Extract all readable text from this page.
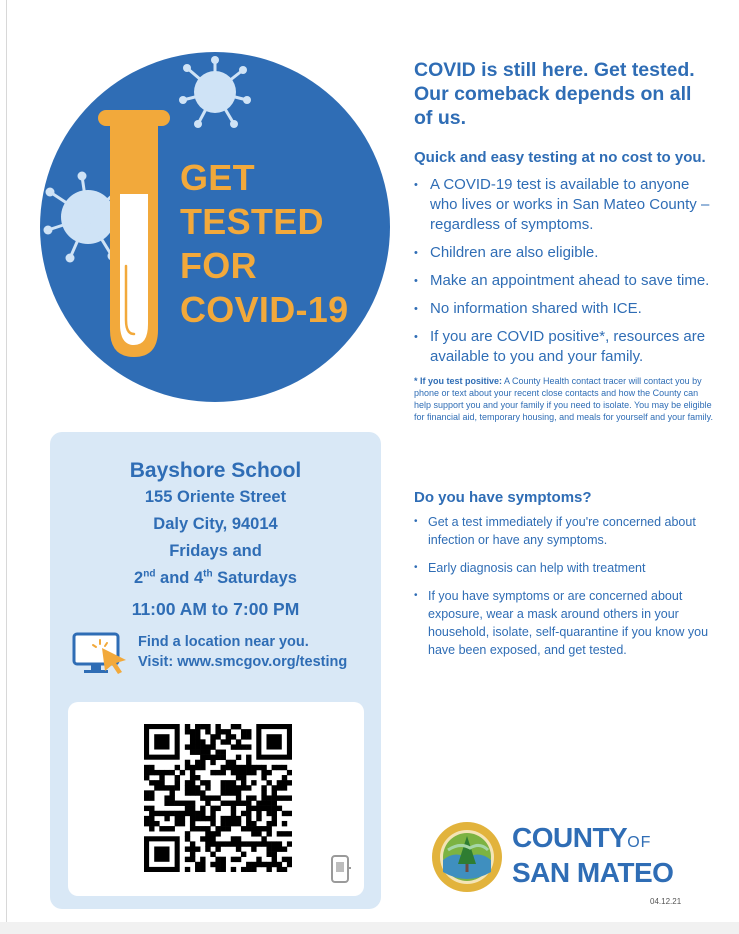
GET
TESTED
FOR
COVID-19

COVID is still here. Get tested. Our comeback depends on all of us.

Quick and easy testing at no cost to you.
• A COVID-19 test is available to anyone who lives or works in San Mateo County – regardless of symptoms.
• Children are also eligible.
• Make an appointment ahead to save time.
• No information shared with ICE.
• If you are COVID positive*, resources are available to you and your family.
* If you test positive: A County Health contact tracer will contact you by phone or text about your recent close contacts and how the County can help support you and your family if you need to isolate. You may be eligible for financial aid, temporary housing, and meals for yourself and your family.
Do you have symptoms?
• Get a test immediately if you're concerned about infection or have any symptoms.
• Early diagnosis can help with treatment
• If you have symptoms or are concerned about exposure, wear a mask around others in your household, isolate, self-quarantine if you know you have been exposed, and get tested.
Bayshore School
155 Oriente Street
Daly City, 94014
Fridays and
2nd and 4th Saturdays
11:00 AM to 7:00 PM
Find a location near you.
Visit: www.smcgov.org/testing
COUNTYOF
SAN MATEO
04.12.21
